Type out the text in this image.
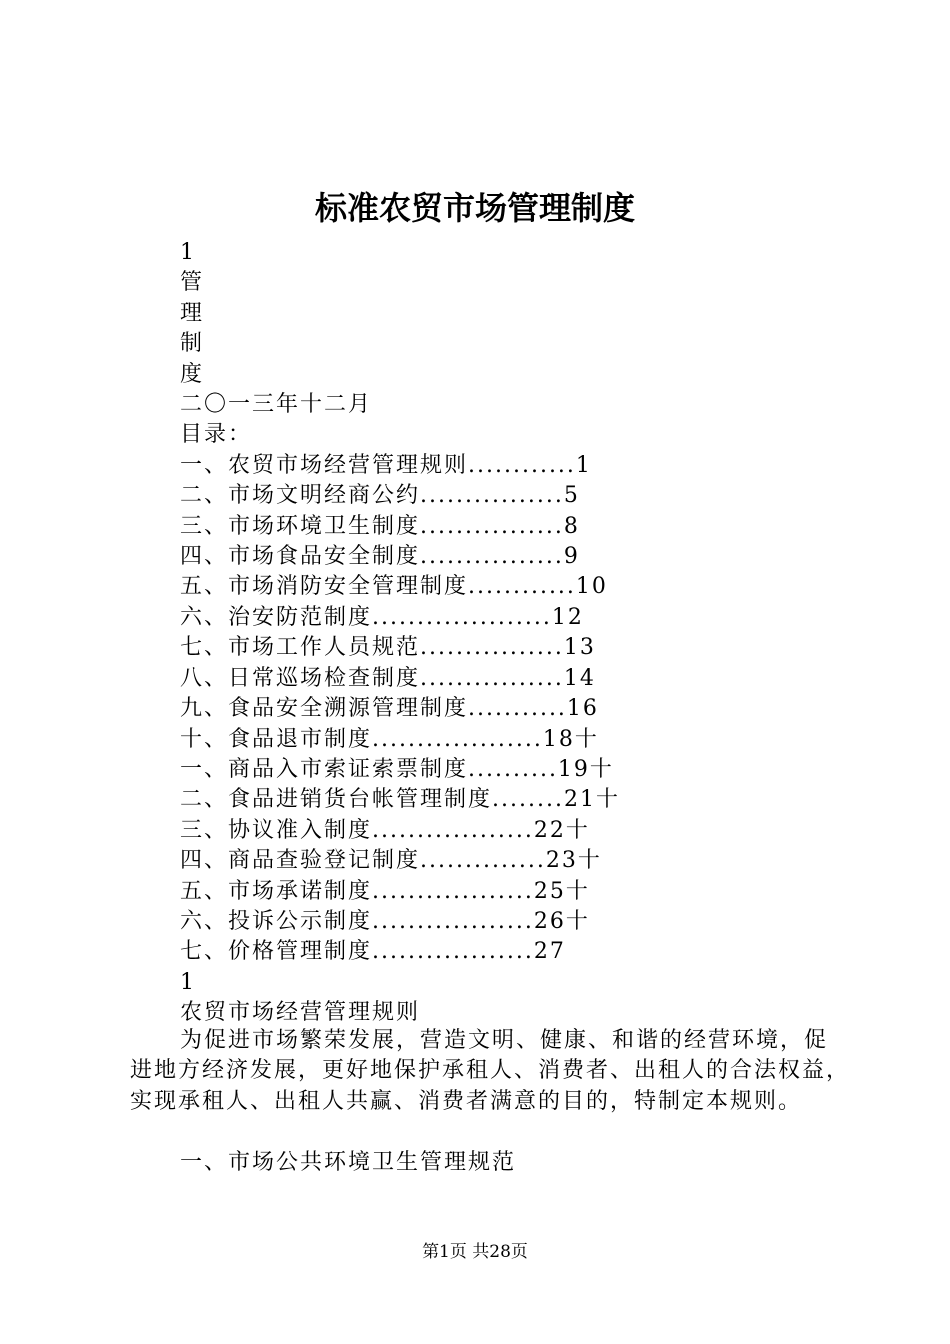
标准农贸市场管理制度
1
管
理
制
度
二〇一三年十二月
目录：
一、农贸市场经营管理规则............1
二、市场文明经商公约................5
三、市场环境卫生制度................8
四、市场食品安全制度................9
五、市场消防安全管理制度............10
六、治安防范制度....................12
七、市场工作人员规范................13
八、日常巡场检查制度................14
九、食品安全溯源管理制度...........16
十、食品退市制度...................18十
一、商品入市索证索票制度..........19十
二、食品进销货台帐管理制度........21十
三、协议准入制度..................22十
四、商品查验登记制度..............23十
五、市场承诺制度..................25十
六、投诉公示制度..................26十
七、价格管理制度..................27
1
农贸市场经营管理规则

为促进市场繁荣发展，营造文明、健康、和谐的经营环境，促进地方经济发展，更好地保护承租人、消费者、出租人的合法权益，实现承租人、出租人共赢、消费者满意的目的，特制定本规则。

一、市场公共环境卫生管理规范

第1页 共28页
